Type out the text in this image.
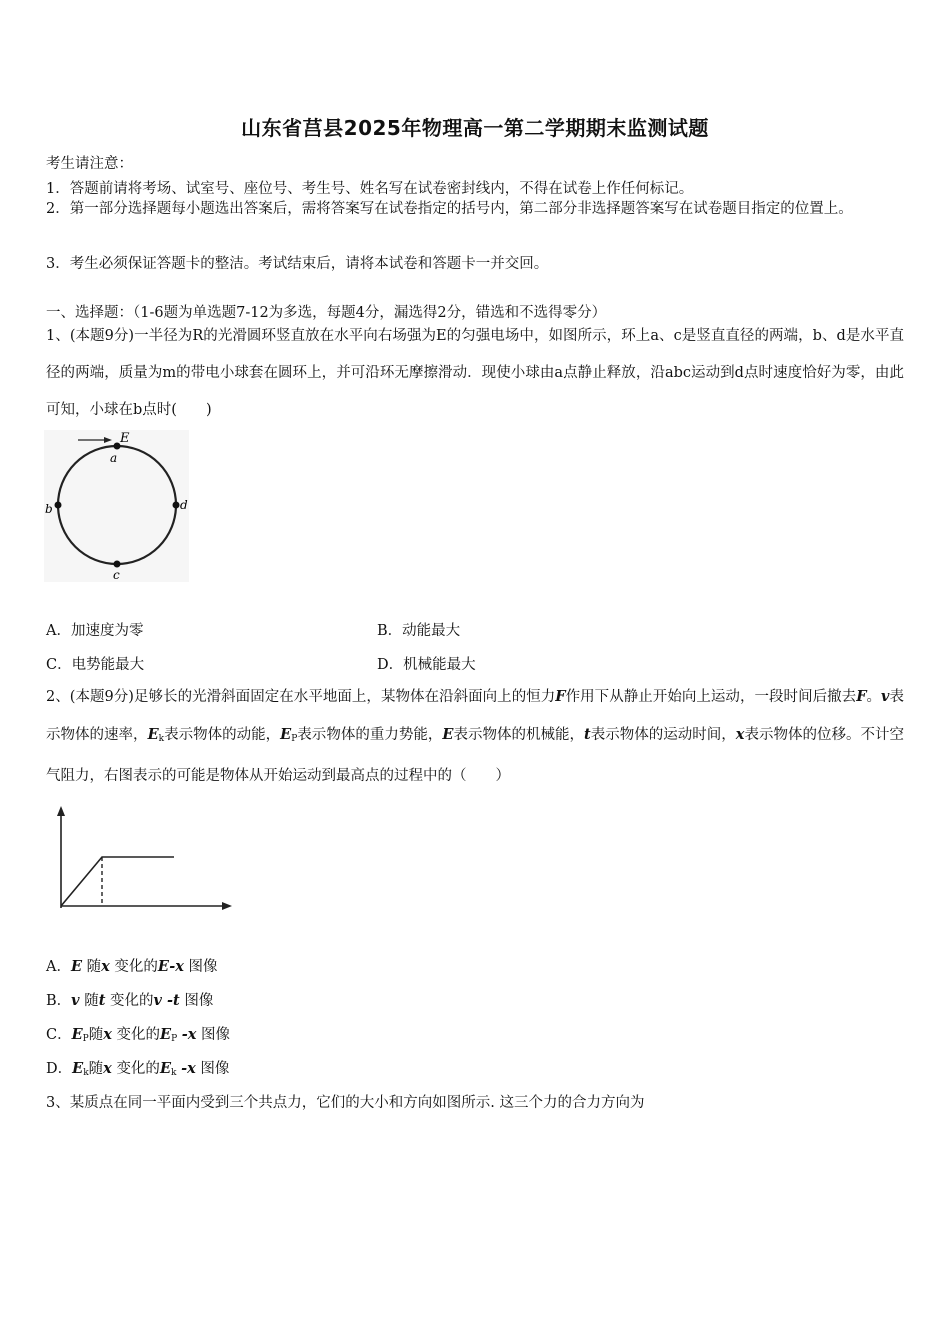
山东省莒县2025年物理高一第二学期期末监测试题
考生请注意：
1．答题前请将考场、试室号、座位号、考生号、姓名写在试卷密封线内，不得在试卷上作任何标记。
2．第一部分选择题每小题选出答案后，需将答案写在试卷指定的括号内，第二部分非选择题答案写在试卷题目指定的位置上。
3．考生必须保证答题卡的整洁。考试结束后，请将本试卷和答题卡一并交回。
一、选择题：（1-6题为单选题7-12为多选，每题4分，漏选得2分，错选和不选得零分）
1、(本题9分)一半径为R的光滑圆环竖直放在水平向右场强为E的匀强电场中，如图所示，环上a、c是竖直直径的两端，b、d是水平直径的两端，质量为m的带电小球套在圆环上，并可沿环无摩擦滑动．现使小球由a点静止释放，沿abc运动到d点时速度恰好为零，由此可知，小球在b点时(　　)
E
a
b
c
d
A．加速度为零	B．动能最大
C．电势能最大	D．机械能最大
2、(本题9分)足够长的光滑斜面固定在水平地面上，某物体在沿斜面向上的恒力F作用下从静止开始向上运动，一段时间后撤去F。v表示物体的速率，$E_k$表示物体的动能，$E_P$表示物体的重力势能，E表示物体的机械能，t表示物体的运动时间，x表示物体的位移。不计空气阻力，右图表示的可能是物体从开始运动到最高点的过程中的（　　）
A．E 随x 变化的E-x 图像
B．v 随t 变化的v -t 图像
C．$E_P$随x 变化的$E_P$ -x 图像
D．$E_k$随x 变化的$E_k$ -x 图像
3、某质点在同一平面内受到三个共点力，它们的大小和方向如图所示. 这三个力的合力方向为
